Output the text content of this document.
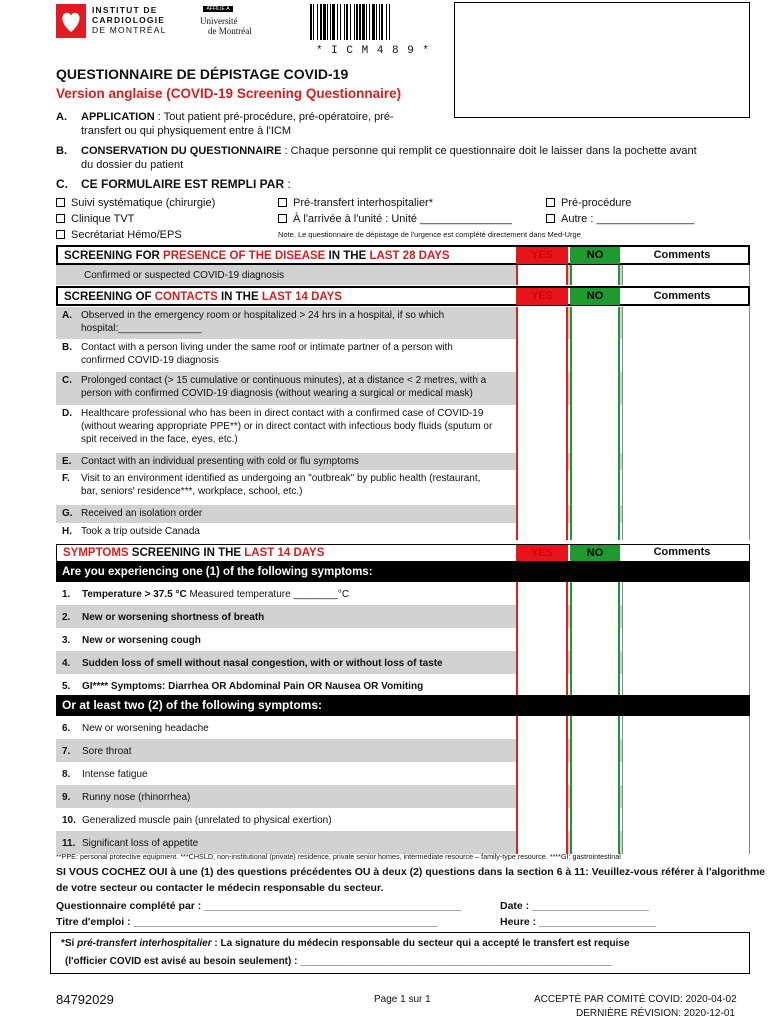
INSTITUT DE
CARDIOLOGIE
DE MONTRÉAL
AFFILIÉ À
Université
de Montréal
* I C M 4 8 9 *
QUESTIONNAIRE DE DÉPISTAGE COVID-19
Version anglaise (COVID-19 Screening Questionnaire)
A. APPLICATION : Tout patient pré-procédure, pré-opératoire, pré-
transfert ou qui physiquement entre à l'ICM
B. CONSERVATION DU QUESTIONNAIRE : Chaque personne qui remplit ce questionnaire doit le laisser dans la pochette avant
du dossier du patient
C. CE FORMULAIRE EST REMPLI PAR :
Suivi systématique (chirurgie)
Clinique TVT
Secrétariat Hémo/EPS
Pré-transfert interhospitalier*
À l'arrivée à l'unité : Unité _______________
Pré-procédure
Autre : ________________
Note. Le questionnaire de dépistage de l'urgence est complété directement dans Med-Urge
SCREENING FOR PRESENCE OF THE DISEASE IN THE LAST 28 DAYS	YES	NO	Comments
Confirmed or suspected COVID-19 diagnosis
SCREENING OF CONTACTS IN THE LAST 14 DAYS	YES	NO	Comments
A. Observed in the emergency room or hospitalized > 24 hrs in a hospital, if so which
hospital:_______________
B. Contact with a person living under the same roof or intimate partner of a person with
confirmed COVID-19 diagnosis
C. Prolonged contact (> 15 cumulative or continuous minutes), at a distance < 2 metres, with a
person with confirmed COVID-19 diagnosis (without wearing a surgical or medical mask)
D. Healthcare professional who has been in direct contact with a confirmed case of COVID-19
(without wearing appropriate PPE**) or in direct contact with infectious body fluids (sputum or
spit received in the face, eyes, etc.)
E. Contact with an individual presenting with cold or flu symptoms
F.	Visit to an environment identified as undergoing an "outbreak" by public health (restaurant,
bar, seniors' residence***, workplace, school, etc.)
G. Received an isolation order
H. Took a trip outside Canada
SYMPTOMS SCREENING IN THE LAST 14 DAYS	YES	NO	Comments
Are you experiencing one (1) of the following symptoms:
1.	Temperature > 37.5 °C Measured temperature ________°C
2.	New or worsening shortness of breath
3.	New or worsening cough
4.	Sudden loss of smell without nasal congestion, with or without loss of taste
5.	GI**** Symptoms: Diarrhea OR Abdominal Pain OR Nausea OR Vomiting
Or at least two (2) of the following symptoms:
6.	New or worsening headache
7.	Sore throat
8.	Intense fatigue
9.	Runny nose (rhinorrhea)
10. Generalized muscle pain (unrelated to physical exertion)
11. Significant loss of appetite
**PPE: personal protective equipment. ***CHSLD, non-institutional (private) residence, private senior homes, intermediate resource – family-type resource. ****GI: gastrointestinal
SI VOUS COCHEZ OUI à une (1) des questions précédentes OU à deux (2) questions dans la section 6 à 11: Veuillez-vous référer à l'algorithme
de votre secteur ou contacter le médecin responsable du secteur.
Questionnaire complété par : ____________________________________________
Titre d'emploi : ____________________________________________________
Date : ____________________
Heure : ____________________
*Si pré-transfert interhospitalier : La signature du médecin responsable du secteur qui a accepté le transfert est requise
(l'officier COVID est avisé au besoin seulement) : ________________________________________________________
84792029	Page 1 sur 1	ACCEPTÉ PAR COMITÉ COVID: 2020-04-02
DERNIÈRE RÉVISION: 2020-12-01
